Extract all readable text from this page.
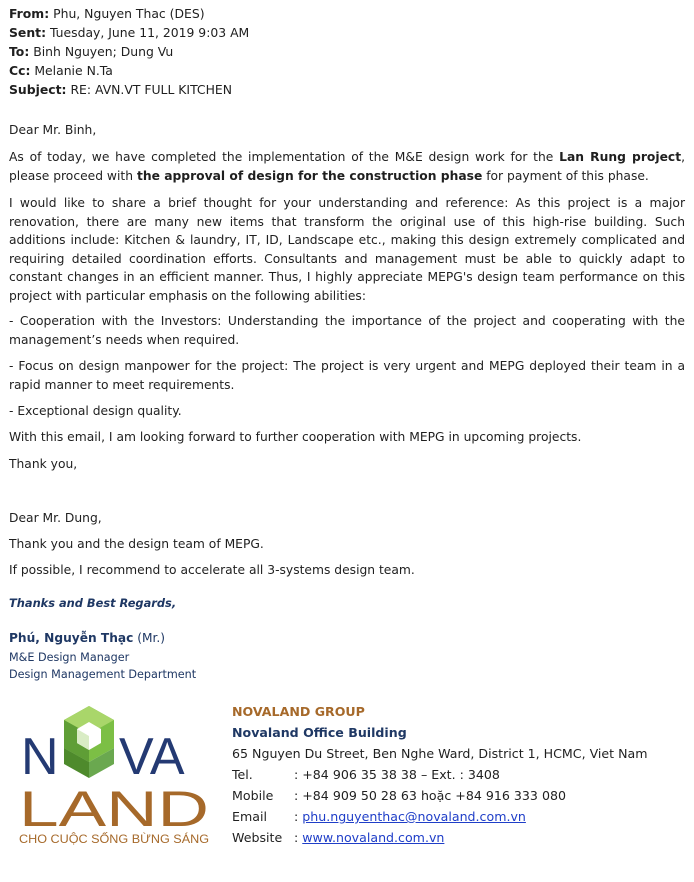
From: Phu, Nguyen Thac (DES)
Sent: Tuesday, June 11, 2019 9:03 AM
To: Binh Nguyen; Dung Vu
Cc: Melanie N.Ta
Subject: RE: AVN.VT FULL KITCHEN

Dear Mr. Binh,

As of today, we have completed the implementation of the M&E design work for the Lan Rung project, please proceed with the approval of design for the construction phase for payment of this phase.

I would like to share a brief thought for your understanding and reference: As this project is a major renovation, there are many new items that transform the original use of this high-rise building. Such additions include: Kitchen & laundry, IT, ID, Landscape etc., making this design extremely complicated and requiring detailed coordination efforts. Consultants and management must be able to quickly adapt to constant changes in an efficient manner. Thus, I highly appreciate MEPG's design team performance on this project with particular emphasis on the following abilities:

- Cooperation with the Investors: Understanding the importance of the project and cooperating with the management’s needs when required.

- Focus on design manpower for the project: The project is very urgent and MEPG deployed their team in a rapid manner to meet requirements.

- Exceptional design quality.

With this email, I am looking forward to further cooperation with MEPG in upcoming projects.

Thank you,

Dear Mr. Dung,

Thank you and the design team of MEPG.

If possible, I recommend to accelerate all 3-systems design team.

Thanks and Best Regards,
Phú, Nguyễn Thạc (Mr.)
M&E Design Manager
Design Management Department
N VA
LAND
CHO CUỘC SỐNG BỪNG SÁNG
NOVALAND GROUP
Novaland Office Building
65 Nguyen Du Street, Ben Nghe Ward, District 1, HCMC, Viet Nam
Tel.	: +84 906 35 38 38 – Ext. : 3408
Mobile : +84 909 50 28 63 hoặc +84 916 333 080
Email : phu.nguyenthac@novaland.com.vn
Website : www.novaland.com.vn
